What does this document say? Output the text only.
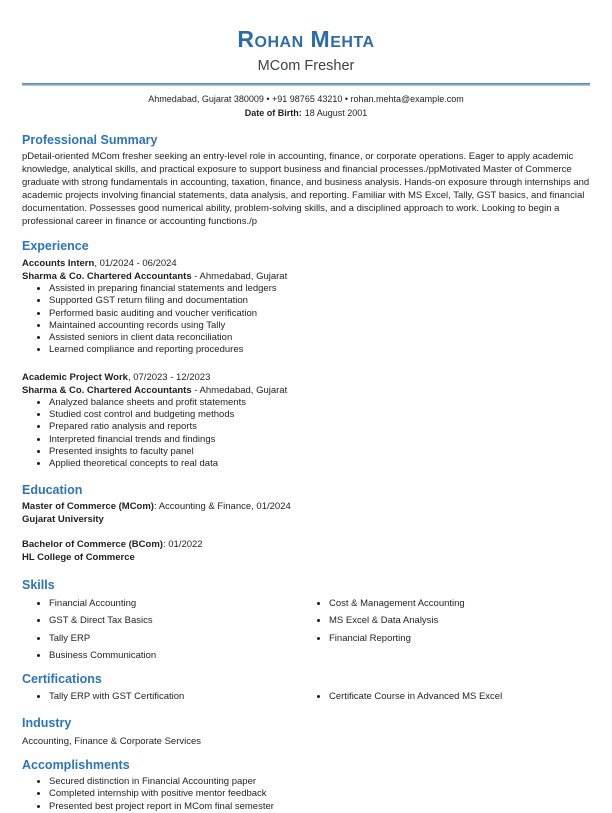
Rohan Mehta
MCom Fresher
Ahmedabad, Gujarat 380009 • +91 98765 43210 • rohan.mehta@example.com
Date of Birth: 18 August 2001
Professional Summary

pDetail-oriented MCom fresher seeking an entry-level role in accounting, finance, or corporate operations. Eager to apply academic knowledge, analytical skills, and practical exposure to support business and financial processes./ppMotivated Master of Commerce graduate with strong fundamentals in accounting, taxation, finance, and business analysis. Hands-on exposure through internships and academic projects involving financial statements, data analysis, and reporting. Familiar with MS Excel, Tally, GST basics, and financial documentation. Possesses good numerical ability, problem-solving skills, and a disciplined approach to work. Looking to begin a professional career in finance or accounting functions./p

Experience
Accounts Intern, 01/2024 - 06/2024
Sharma & Co. Chartered Accountants - Ahmedabad, Gujarat
• Assisted in preparing financial statements and ledgers
• Supported GST return filing and documentation
• Performed basic auditing and voucher verification
• Maintained accounting records using Tally
• Assisted seniors in client data reconciliation
• Learned compliance and reporting procedures
Academic Project Work, 07/2023 - 12/2023
Sharma & Co. Chartered Accountants - Ahmedabad, Gujarat
• Analyzed balance sheets and profit statements
• Studied cost control and budgeting methods
• Prepared ratio analysis and reports
• Interpreted financial trends and findings
• Presented insights to faculty panel
• Applied theoretical concepts to real data
Education
Master of Commerce (MCom): Accounting & Finance, 01/2024
Gujarat University
Bachelor of Commerce (BCom): 01/2022
HL College of Commerce
Skills
• Financial Accounting
• GST & Direct Tax Basics
• Tally ERP
• Business Communication
• Cost & Management Accounting
• MS Excel & Data Analysis
• Financial Reporting
Certifications
• Tally ERP with GST Certification	• Certificate Course in Advanced MS Excel
Industry

Accounting, Finance & Corporate Services

Accomplishments
• Secured distinction in Financial Accounting paper
• Completed internship with positive mentor feedback
• Presented best project report in MCom final semester
